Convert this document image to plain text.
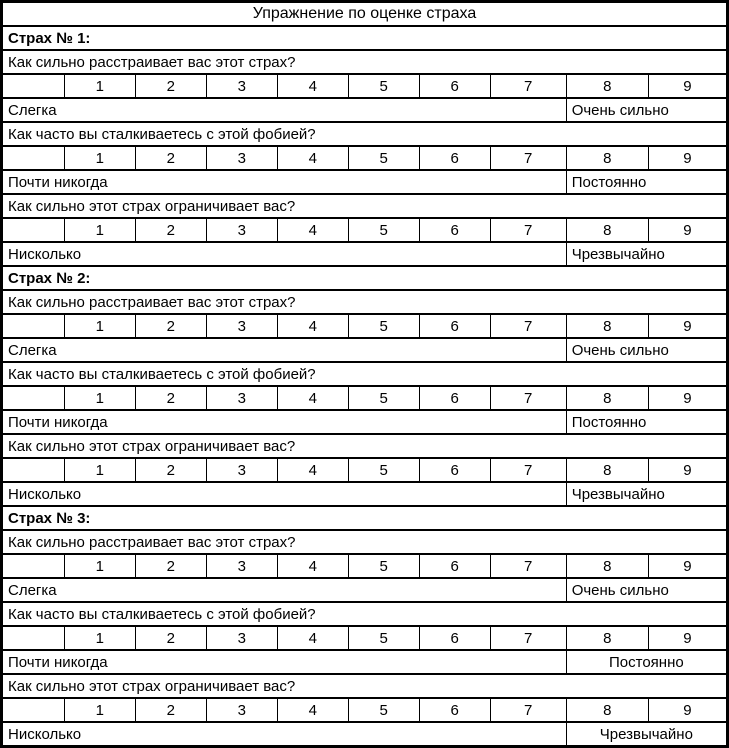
Упражнение по оценке страха									
Страх № 1:									
Как сильно расстраивает вас этот страх?									
	1	2	3	4	5	6	7	8	9
Слегка								Очень сильно	
Как часто вы сталкиваетесь с этой фобией?									
	1	2	3	4	5	6	7	8	9
Почти никогда								Постоянно	
Как сильно этот страх ограничивает вас?									
	1	2	3	4	5	6	7	8	9
Нисколько								Чрезвычайно	
Страх № 2:									
Как сильно расстраивает вас этот страх?									
	1	2	3	4	5	6	7	8	9
Слегка								Очень сильно	
Как часто вы сталкиваетесь с этой фобией?									
	1	2	3	4	5	6	7	8	9
Почти никогда								Постоянно	
Как сильно этот страх ограничивает вас?									
	1	2	3	4	5	6	7	8	9
Нисколько								Чрезвычайно	
Страх № 3:									
Как сильно расстраивает вас этот страх?									
	1	2	3	4	5	6	7	8	9
Слегка								Очень сильно	
Как часто вы сталкиваетесь с этой фобией?									
	1	2	3	4	5	6	7	8	9
Почти никогда								Постоянно	
Как сильно этот страх ограничивает вас?									
	1	2	3	4	5	6	7	8	9
Нисколько								Чрезвычайно	
